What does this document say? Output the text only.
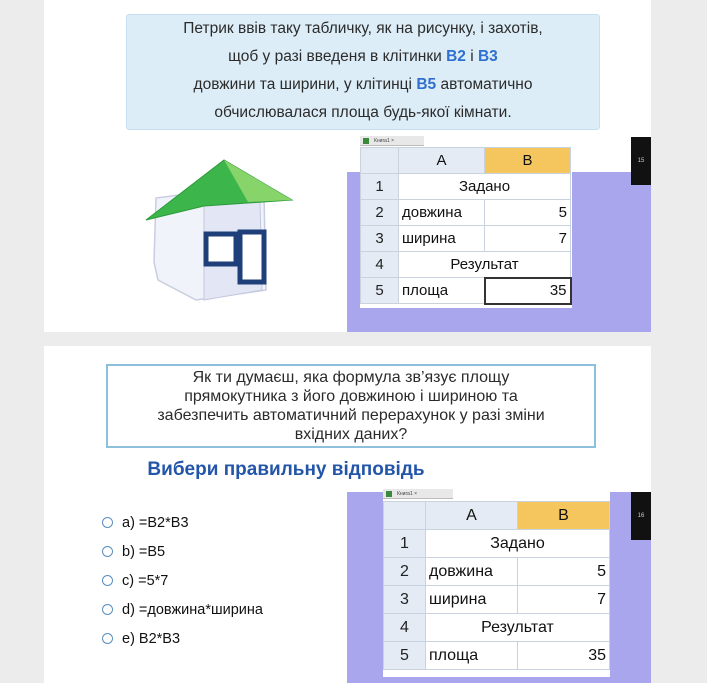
Петрик ввів таку табличку, як на рисунку, і захотів,
щоб у разі введеня в клітинки B2 і B3
довжини та ширини, у клітинці B5 автоматично
обчислювалася площа будь-якої кімнати.
Книга1 ×
	A	B
1	Задано	
2	довжина	5
3	ширина	7
4	Результат	
5	площа	35
15
Як ти думаєш, яка формула зв’язує площу
прямокутника з його довжиною і шириною та
забезпечить автоматичний перерахунок у разі зміни
вхідних даних?
Вибери правильну відповідь
a) =B2*B3
b) =B5
c) =5*7
d) =довжина*ширина
e) B2*B3
Книга1 ×
	A	B
1	Задано	
2	довжина	5
3	ширина	7
4	Результат	
5	площа	35
16
